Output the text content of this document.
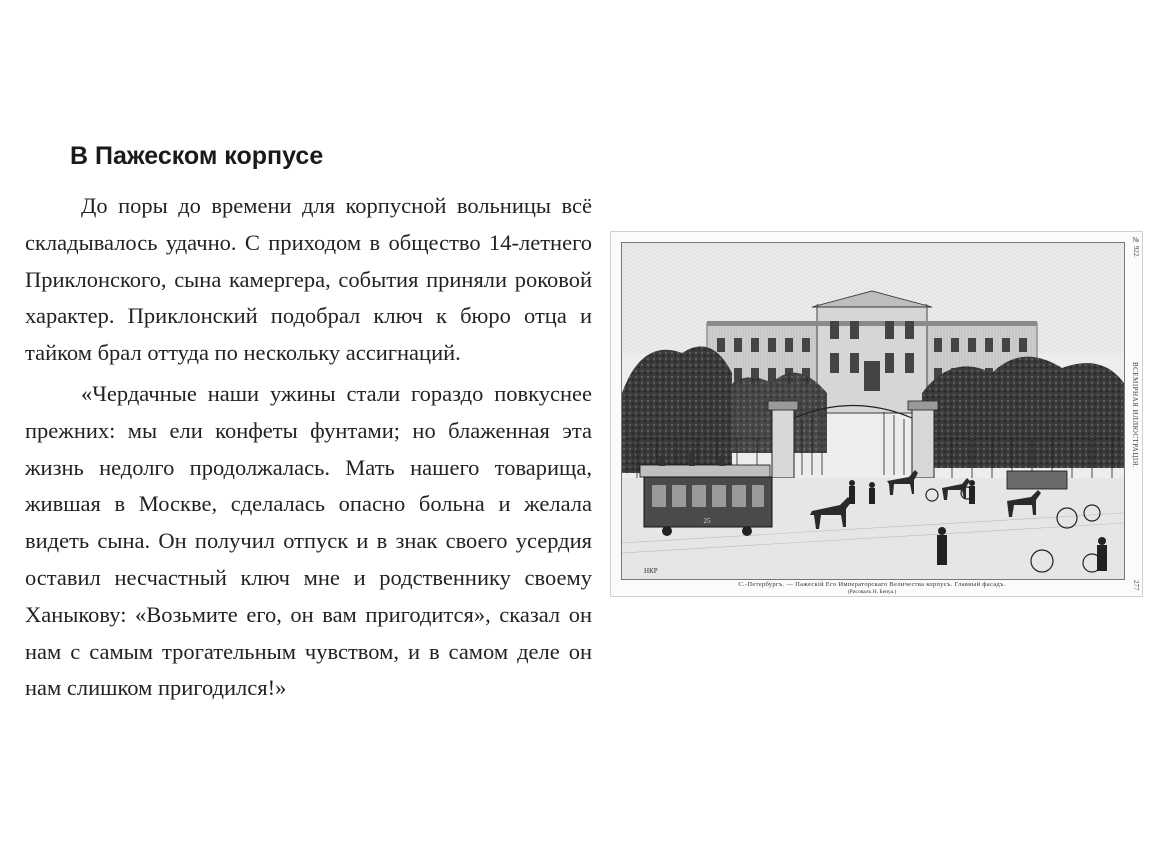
В Пажеском корпусе

До поры до времени для корпусной вольницы всё складывалось удачно. С приходом в общество 14-летнего Приклонского, сына камергера, события приняли роковой характер. Приклонский подобрал ключ к бюро отца и тайком брал оттуда по нескольку ассигнаций.

«Чердачные наши ужины стали гораздо повкуснее прежних: мы ели конфеты фунтами; но блаженная эта жизнь недолго продолжалась. Мать нашего товарища, жившая в Москве, сделалась опасно больна и желала видеть сына. Он получил отпуск и в знак своего усердия оставил несчастный ключ мне и родственнику своему Ханыкову: «Возьмите его, он вам пригодится», сказал он нам с самым трогательным чувством, и в самом деле он нам слишком пригодился!»

25
НКР
С.-Петербургъ. — Пажескiй Его Императорскаго Величества корпусъ. Главный фасадъ.
(Рисовалъ Н. Бенуа.)
ВСЕМIРНАЯ ИЛЛЮСТРАЦIЯ.
№ 922.
277
